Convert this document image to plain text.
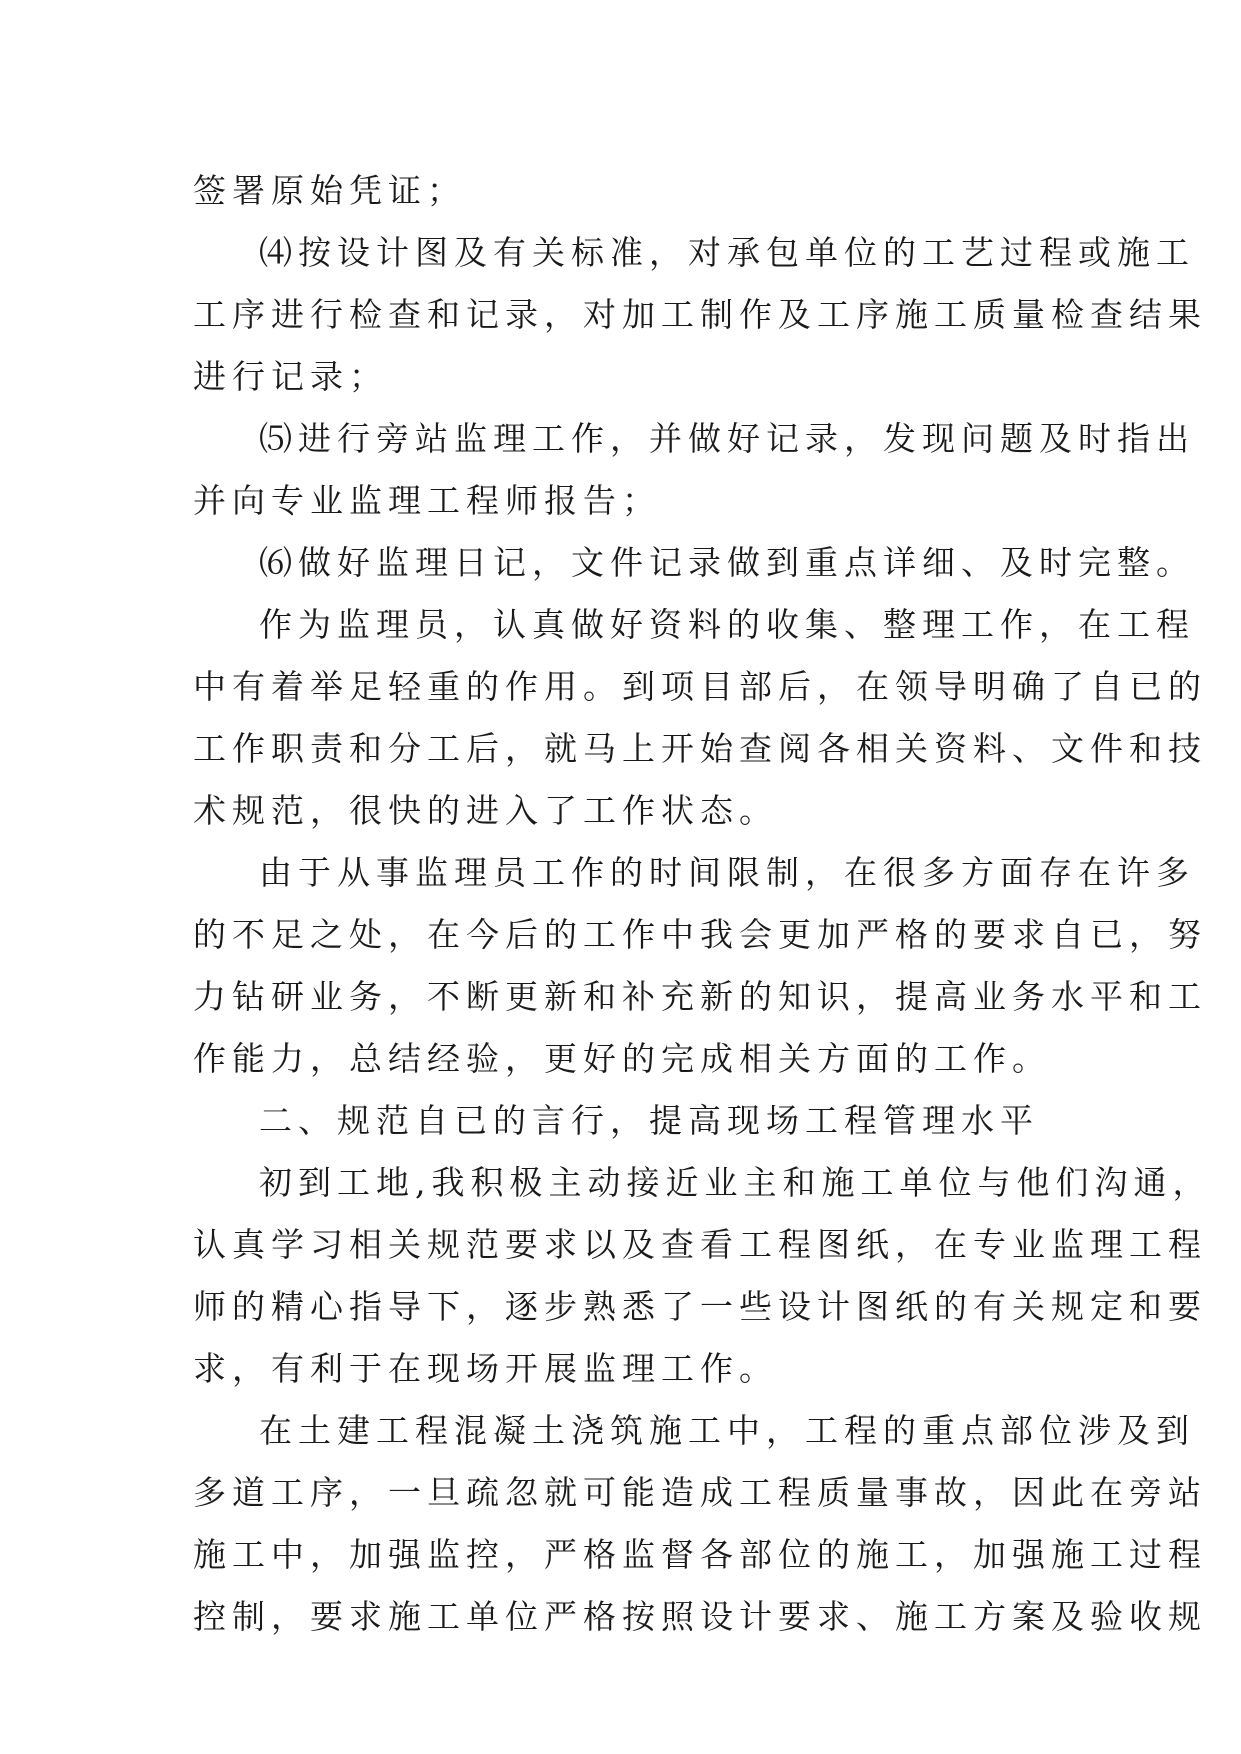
签署原始凭证；
⑷按设计图及有关标准，对承包单位的工艺过程或施工
工序进行检查和记录，对加工制作及工序施工质量检查结果
进行记录；
⑸进行旁站监理工作，并做好记录，发现问题及时指出
并向专业监理工程师报告；
⑹做好监理日记，文件记录做到重点详细、及时完整。
作为监理员，认真做好资料的收集、整理工作，在工程
中有着举足轻重的作用。到项目部后，在领导明确了自已的
工作职责和分工后，就马上开始查阅各相关资料、文件和技
术规范，很快的进入了工作状态。
由于从事监理员工作的时间限制，在很多方面存在许多
的不足之处，在今后的工作中我会更加严格的要求自已，努
力钻研业务，不断更新和补充新的知识，提高业务水平和工
作能力，总结经验，更好的完成相关方面的工作。
二、规范自已的言行，提高现场工程管理水平
初到工地,我积极主动接近业主和施工单位与他们沟通，
认真学习相关规范要求以及查看工程图纸，在专业监理工程
师的精心指导下，逐步熟悉了一些设计图纸的有关规定和要
求，有利于在现场开展监理工作。
在土建工程混凝土浇筑施工中，工程的重点部位涉及到
多道工序，一旦疏忽就可能造成工程质量事故，因此在旁站
施工中，加强监控，严格监督各部位的施工，加强施工过程
控制，要求施工单位严格按照设计要求、施工方案及验收规
